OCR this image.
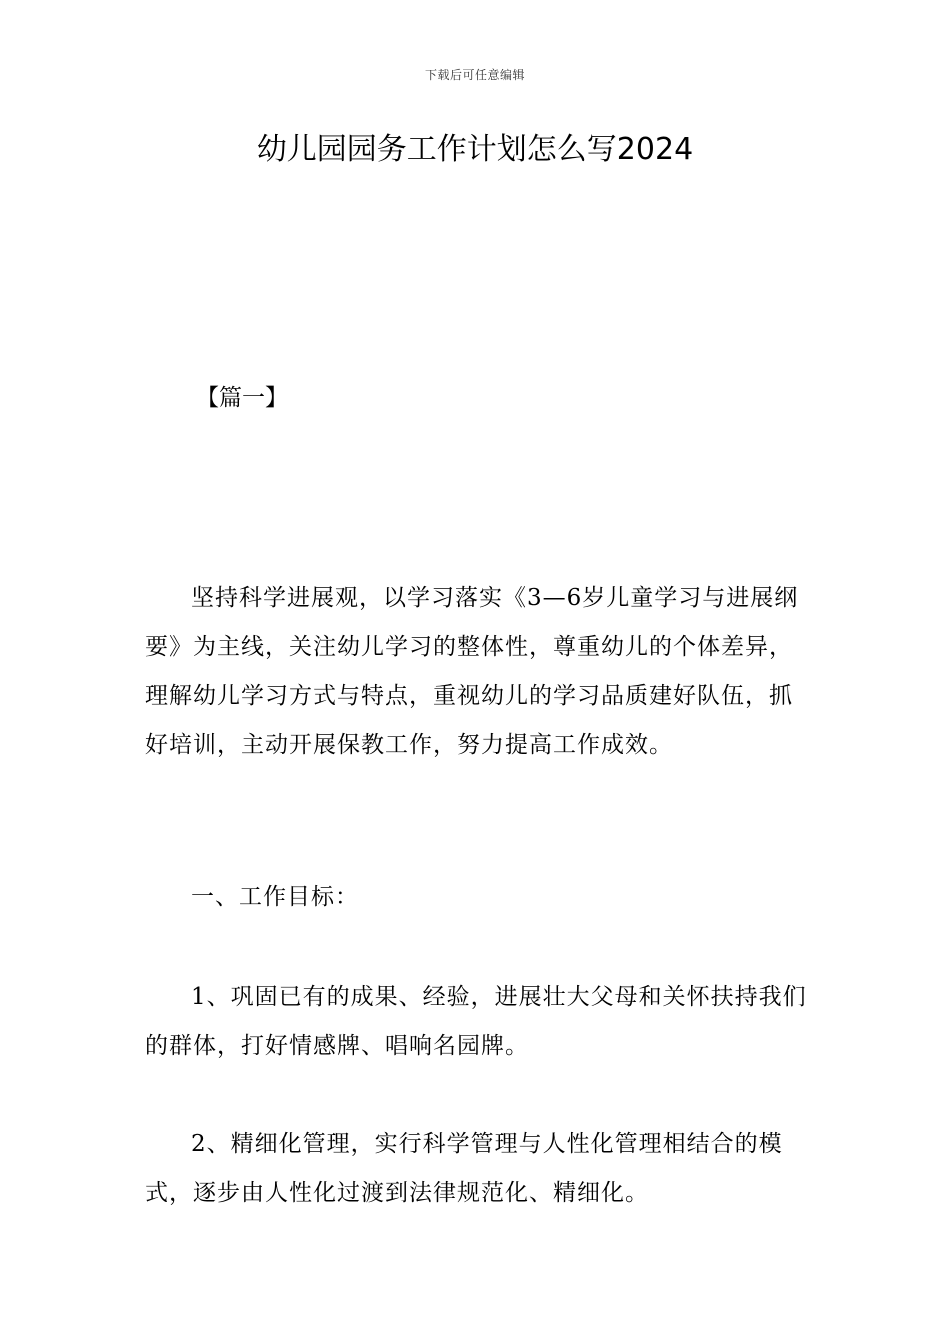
下载后可任意编辑
幼儿园园务工作计划怎么写2024
【篇一】

坚持科学进展观，以学习落实《3—6岁儿童学习与进展纲要》为主线，关注幼儿学习的整体性，尊重幼儿的个体差异，理解幼儿学习方式与特点，重视幼儿的学习品质建好队伍，抓好培训，主动开展保教工作，努力提高工作成效。

一、工作目标：

1、巩固已有的成果、经验，进展壮大父母和关怀扶持我们的群体，打好情感牌、唱响名园牌。

2、精细化管理，实行科学管理与人性化管理相结合的模式，逐步由人性化过渡到法律规范化、精细化。
